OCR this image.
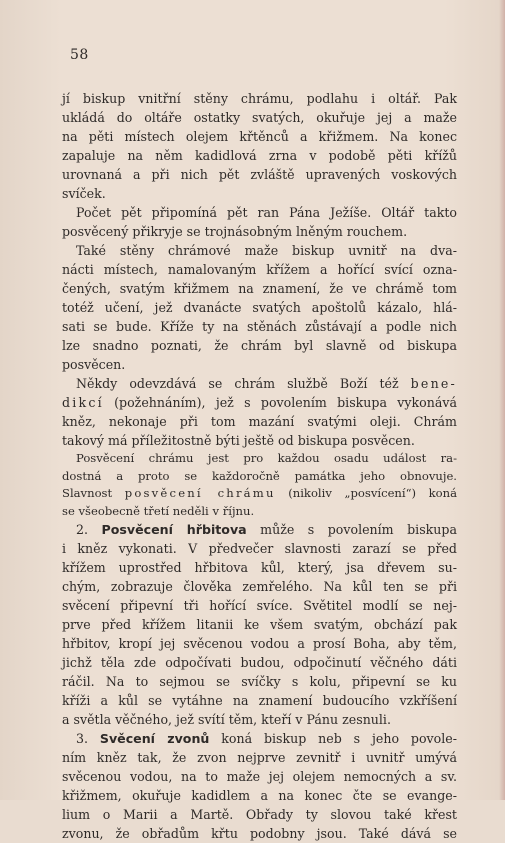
58
jí biskup vnitřní stěny chrámu, podlahu i oltář. Pak
ukládá do oltáře ostatky svatých, okuřuje jej a maže
na pěti místech olejem křtěnců a křižmem. Na konec
zapaluje na něm kadidlová zrna v podobě pěti křížů
urovnaná a při nich pět zvláště upravených voskových
svíček.
Počet pět připomíná pět ran Pána Ježíše. Oltář takto
posvěcený přikryje se trojnásobným lněným rouchem.
Také stěny chrámové maže biskup uvnitř na dva-
nácti místech, namalovaným křížem a hořící svící ozna-
čených, svatým křižmem na znamení, že ve chrámě tom
totéž učení, jež dvanácte svatých apoštolů kázalo, hlá-
sati se bude. Kříže ty na stěnách zůstávají a podle nich
lze snadno poznati, že chrám byl slavně od biskupa
posvěcen.
Někdy odevzdává se chrám službě Boží též bene-
dikcí (požehnáním), jež s povolením biskupa vykonává
kněz, nekonaje při tom mazání svatými oleji. Chrám
takový má příležitostně býti ještě od biskupa posvěcen.
Posvěcení chrámu jest pro každou osadu událost ra-
dostná a proto se každoročně památka jeho obnovuje.
Slavnost posvěcení chrámu (nikoliv „posvícení“) koná
se všeobecně třetí neděli v říjnu.
2. Posvěcení hřbitova může s povolením biskupa
i kněz vykonati. V předvečer slavnosti zarazí se před
křížem uprostřed hřbitova kůl, který, jsa dřevem su-
chým, zobrazuje člověka zemřelého. Na kůl ten se při
svěcení připevní tři hořící svíce. Světitel modlí se nej-
prve před křížem litanii ke všem svatým, obchází pak
hřbitov, kropí jej svěcenou vodou a prosí Boha, aby těm,
jichž těla zde odpočívati budou, odpočinutí věčného dáti
ráčil. Na to sejmou se svíčky s kolu, připevní se ku
kříži a kůl se vytáhne na znamení budoucího vzkříšení
a světla věčného, jež svítí těm, kteří v Pánu zesnuli.
3. Svěcení zvonů koná biskup neb s jeho povole-
ním kněz tak, že zvon nejprve zevnitř i uvnitř umývá
svěcenou vodou, na to maže jej olejem nemocných a sv.
křižmem, okuřuje kadidlem a na konec čte se evange-
lium o Marii a Martě. Obřady ty slovou také křest
zvonu, že obřadům křtu podobny jsou. Také dává se
